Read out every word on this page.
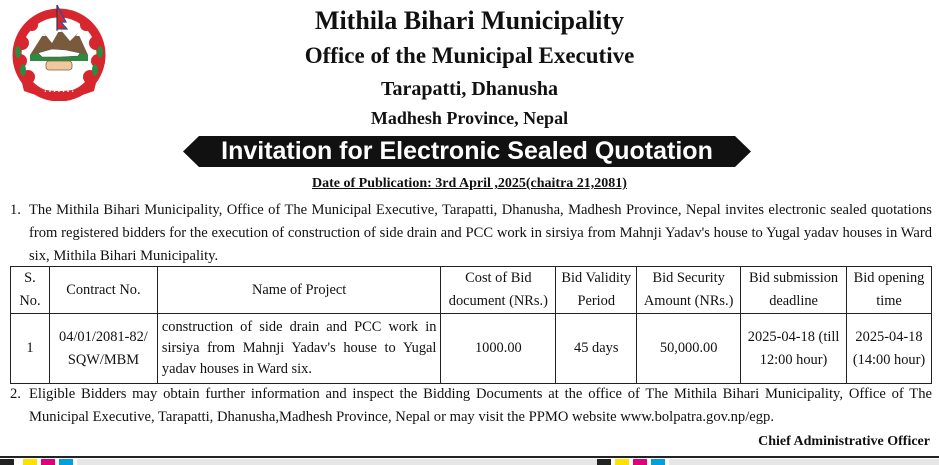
• • • • • • •
Mithila Bihari Municipality
Office of the Municipal Executive
Tarapatti, Dhanusha
Madhesh Province, Nepal
Invitation for Electronic Sealed Quotation
Date of Publication: 3rd April ,2025(chaitra 21,2081)
1. The Mithila Bihari Municipality, Office of The Municipal Executive, Tarapatti, Dhanusha, Madhesh Province, Nepal invites electronic sealed quotations from registered bidders for the execution of construction of side drain and PCC work in sirsiya from Mahnji Yadav's house to Yugal yadav houses in Ward six, Mithila Bihari Municipality.
S. No.	Contract No.	Name of Project	Cost of Bid document (NRs.)	Bid Validity Period	Bid Security Amount (NRs.)	Bid submission deadline	Bid opening time
1	04/01/2081-82/ SQW/MBM	construction of side drain and PCC work in sirsiya from Mahnji Yadav's house to Yugal yadav houses in Ward six.	1000.00	45 days	50,000.00	2025-04-18 (till 12:00 hour)	2025-04-18 (14:00 hour)
2. Eligible Bidders may obtain further information and inspect the Bidding Documents at the office of The Mithila Bihari Municipality, Office of The Municipal Executive, Tarapatti, Dhanusha,Madhesh Province, Nepal or may visit the PPMO website www.bolpatra.gov.np/egp.
Chief Administrative Officer
